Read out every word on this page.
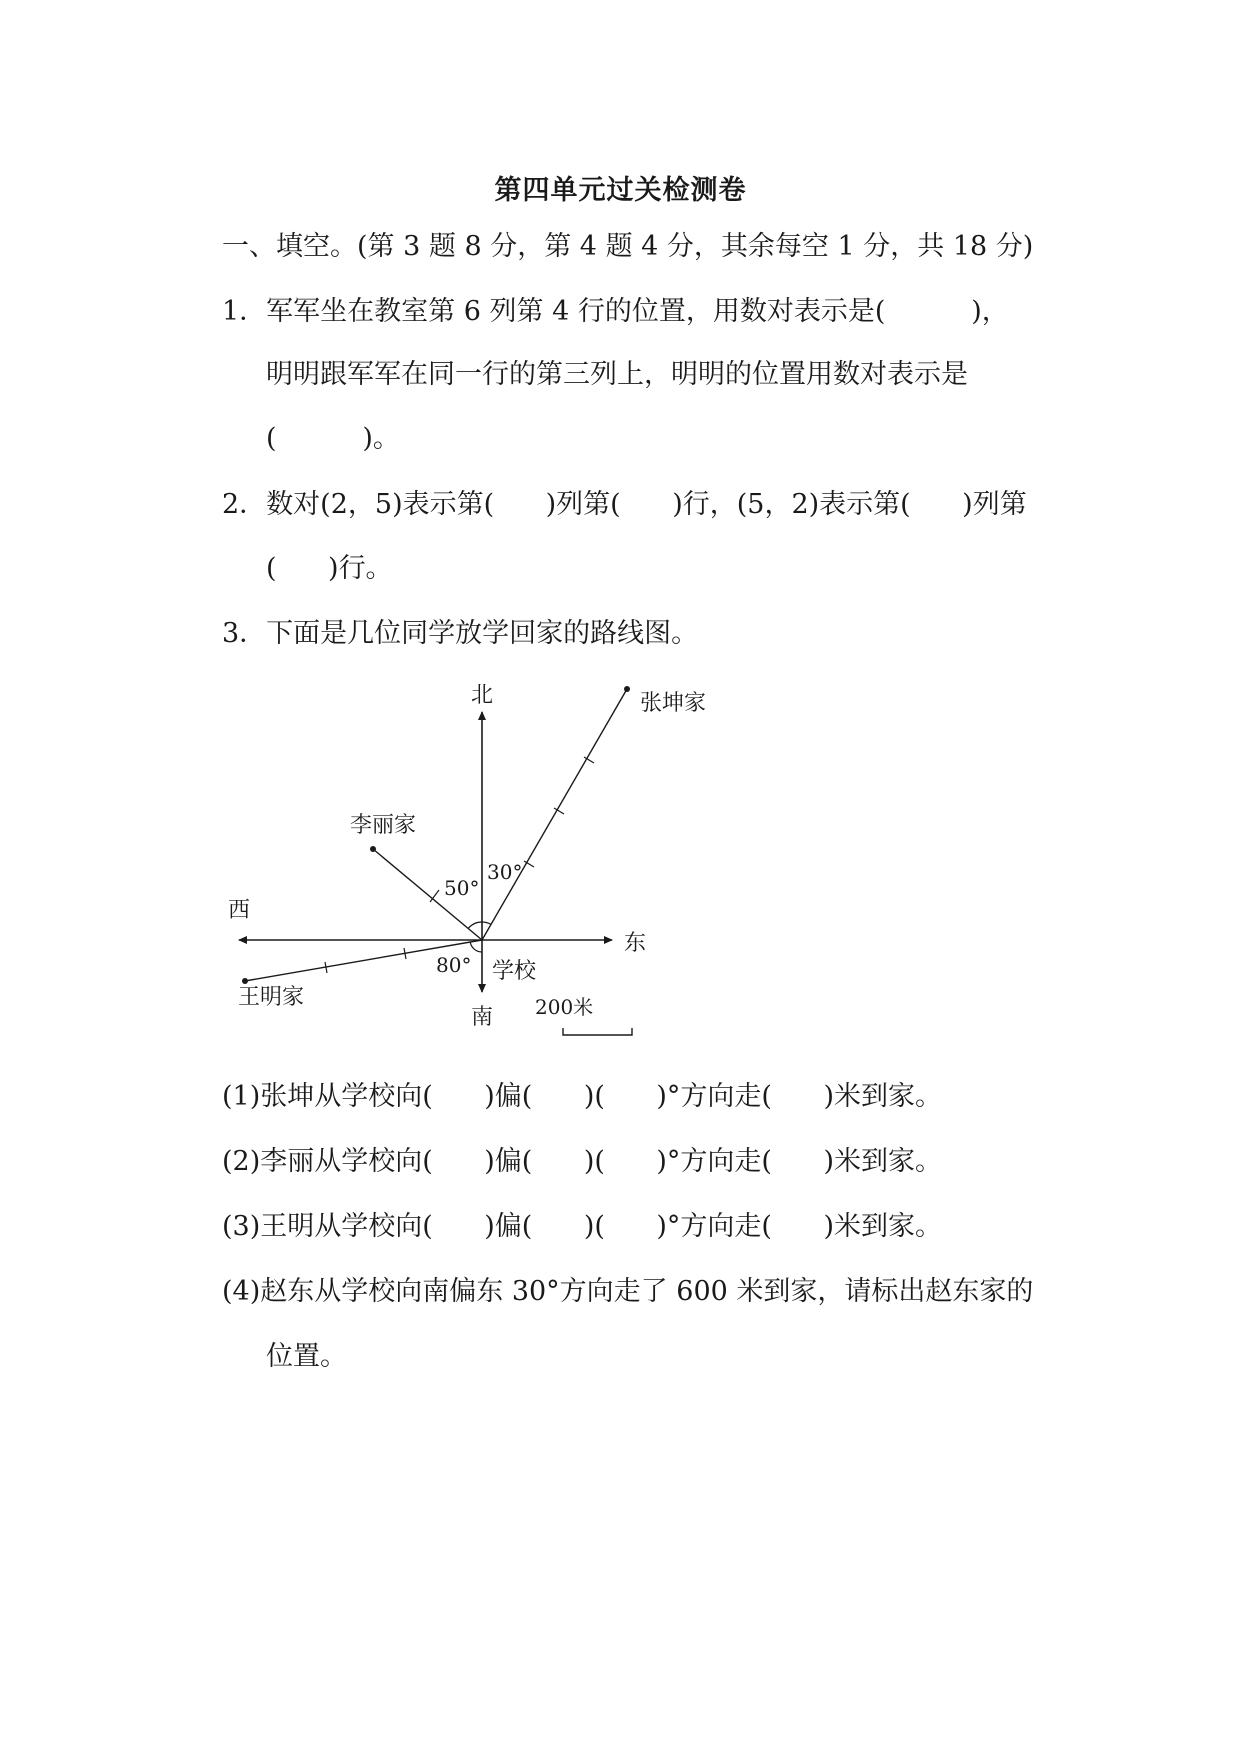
第四单元过关检测卷
一、填空。(第 3 题 8 分，第 4 题 4 分，其余每空 1 分，共 18 分)
1．军军坐在教室第 6 列第 4 行的位置，用数对表示是(          )，
明明跟军军在同一行的第三列上，明明的位置用数对表示是
(          )。
2．数对(2，5)表示第(      )列第(      )行，(5，2)表示第(      )列第
(      )行。
3．下面是几位同学放学回家的路线图。
北
南
东
西
学校
张坤家
李丽家
王明家
30°
50°
80°
200米
(1)张坤从学校向(      )偏(      )(      )°方向走(      )米到家。
(2)李丽从学校向(      )偏(      )(      )°方向走(      )米到家。
(3)王明从学校向(      )偏(      )(      )°方向走(      )米到家。
(4)赵东从学校向南偏东 30°方向走了 600 米到家，请标出赵东家的
位置。
